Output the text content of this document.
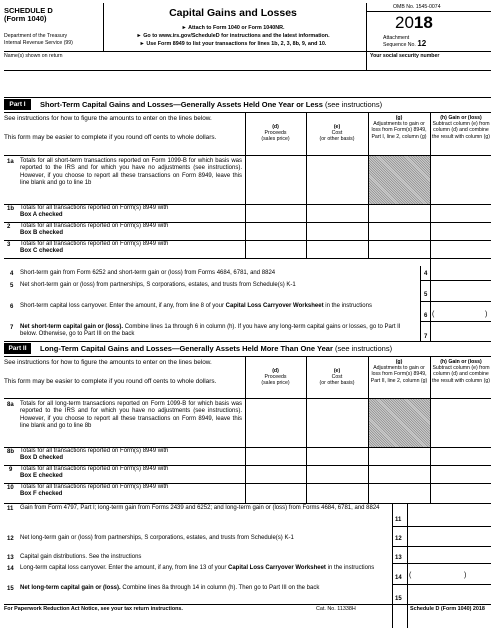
SCHEDULE D
(Form 1040)
Department of the Treasury
Internal Revenue Service (99)
Capital Gains and Losses
► Attach to Form 1040 or Form 1040NR.
► Go to www.irs.gov/ScheduleD for instructions and the latest information.
► Use Form 8949 to list your transactions for lines 1b, 2, 3, 8b, 9, and 10.
OMB No. 1545-0074
2018
Attachment
Sequence No. 12
Name(s) shown on return	Your social security number
Part I	Short-Term Capital Gains and Losses—Generally Assets Held One Year or Less (see instructions)
See instructions for how to figure the amounts to enter on the lines below.
This form may be easier to complete if you round off cents to whole dollars.
(d)
Proceeds
(sales price)
(e)
Cost
(or other basis)
(g)
Adjustments to gain or loss from Form(s) 8949, Part I, line 2, column (g)
(h) Gain or (loss)
Subtract column (e) from column (d) and combine the result with column (g)
1a Totals for all short-term transactions reported on Form 1099-B for which basis was reported to the IRS and for which you have no adjustments (see instructions). However, if you choose to report all these transactions on Form 8949, leave this line blank and go to line 1b
1b Totals for all transactions reported on Form(s) 8949 with
Box A checked
2 Totals for all transactions reported on Form(s) 8949 with
Box B checked
3 Totals for all transactions reported on Form(s) 8949 with
Box C checked
4 Short-term gain from Form 6252 and short-term gain or (loss) from Forms 4684, 6781, and 8824	4
5 Net short-term gain or (loss) from partnerships, S corporations, estates, and trusts from Schedule(s) K-1
5
6 Short-term capital loss carryover. Enter the amount, if any, from line 8 of your Capital Loss Carryover Worksheet in the instructions
6 (	)
7 Net short-term capital gain or (loss). Combine lines 1a through 6 in column (h). If you have any long-term capital gains or losses, go to Part II below. Otherwise, go to Part III on the back	7
Part II	Long-Term Capital Gains and Losses—Generally Assets Held More Than One Year (see instructions)
See instructions for how to figure the amounts to enter on the lines below.
This form may be easier to complete if you round off cents to whole dollars.
(d)
Proceeds
(sales price)
(e)
Cost
(or other basis)
(g)
Adjustments to gain or loss from Form(s) 8949, Part II, line 2, column (g)
(h) Gain or (loss)
Subtract column (e) from column (d) and combine the result with column (g)
8a Totals for all long-term transactions reported on Form 1099-B for which basis was reported to the IRS and for which you have no adjustments (see instructions). However, if you choose to report all these transactions on Form 8949, leave this line blank and go to line 8b
8b Totals for all transactions reported on Form(s) 8949 with
Box D checked
9 Totals for all transactions reported on Form(s) 8949 with
Box E checked
10 Totals for all transactions reported on Form(s) 8949 with
Box F checked
11 Gain from Form 4797, Part I; long-term gain from Forms 2439 and 6252; and long-term gain or (loss) from Forms 4684, 6781, and 8824
11
12 Net long-term gain or (loss) from partnerships, S corporations, estates, and trusts from Schedule(s) K-1	12
13 Capital gain distributions. See the instructions	13
14 Long-term capital loss carryover. Enter the amount, if any, from line 13 of your Capital Loss Carryover Worksheet in the instructions
14 (	)
15 Net long-term capital gain or (loss). Combine lines 8a through 14 in column (h). Then go to Part III on the back
15
For Paperwork Reduction Act Notice, see your tax return instructions.	Cat. No. 11338H	Schedule D (Form 1040) 2018
